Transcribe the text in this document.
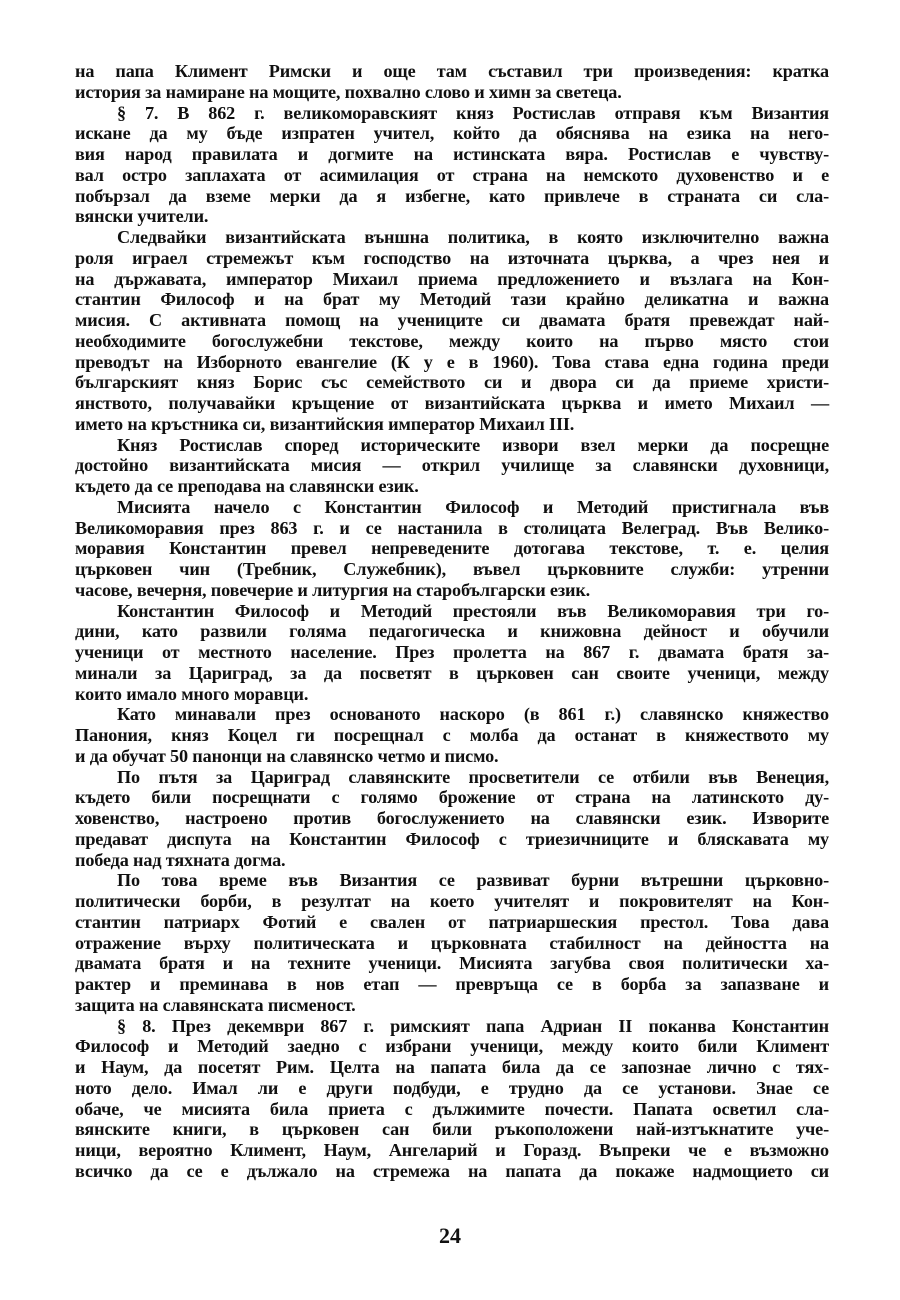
на папа Климент Римски и още там съставил три произведения: кратка
история за намиране на мощите, похвално слово и химн за светеца.
§ 7. В 862 г. великоморавският княз Ростислав отправя към Византия
искане да му бъде изпратен учител, който да обяснява на езика на него-
вия народ правилата и догмите на истинската вяра. Ростислав е чувству-
вал остро заплахата от асимилация от страна на немското духовенство и е
побързал да вземе мерки да я избегне, като привлече в страната си сла-
вянски учители.
Следвайки византийската външна политика, в която изключително важна
роля играел стремежът към господство на източната църква, а чрез нея и
на държавата, император Михаил приема предложението и възлага на Кон-
стантин Философ и на брат му Методий тази крайно деликатна и важна
мисия. С активната помощ на учениците си двамата братя превеждат най-
необходимите богослужебни текстове, между които на първо място стои
преводът на Изборното евангелие (К у е в 1960). Това става една година преди
българският княз Борис със семейството си и двора си да приеме христи-
янството, получавайки кръщение от византийската църква и името Михаил —
името на кръстника си, византийския император Михаил III.
Княз Ростислав според историческите извори взел мерки да посрещне
достойно византийската мисия — открил училище за славянски духовници,
където да се преподава на славянски език.
Мисията начело с Константин Философ и Методий пристигнала във
Великоморавия през 863 г. и се настанила в столицата Велеград. Във Велико-
моравия Константин превел непреведените дотогава текстове, т. е. целия
църковен чин (Требник, Служебник), въвел църковните служби: утренни
часове, вечерня, повечерие и литургия на старобългарски език.
Константин Философ и Методий престояли във Великоморавия три го-
дини, като развили голяма педагогическа и книжовна дейност и обучили
ученици от местното население. През пролетта на 867 г. двамата братя за-
минали за Цариград, за да посветят в църковен сан своите ученици, между
които имало много моравци.
Като минавали през основаното наскоро (в 861 г.) славянско княжество
Панония, княз Коцел ги посрещнал с молба да останат в княжеството му
и да обучат 50 панонци на славянско четмо и писмо.
По пътя за Цариград славянските просветители се отбили във Венеция,
където били посрещнати с голямо брожение от страна на латинското ду-
ховенство, настроено против богослужението на славянски език. Изворите
предават диспута на Константин Философ с триезичниците и бляскавата му
победа над тяхната догма.
По това време във Византия се развиват бурни вътрешни църковно-
политически борби, в резултат на което учителят и покровителят на Кон-
стантин патриарх Фотий е свален от патриаршеския престол. Това дава
отражение върху политическата и църковната стабилност на дейността на
двамата братя и на техните ученици. Мисията загубва своя политически ха-
рактер и преминава в нов етап — превръща се в борба за запазване и
защита на славянската писменост.
§ 8. През декември 867 г. римският папа Адриан II поканва Константин
Философ и Методий заедно с избрани ученици, между които били Климент
и Наум, да посетят Рим. Целта на папата била да се запознае лично с тях-
ното дело. Имал ли е други подбуди, е трудно да се установи. Знае се
обаче, че мисията била приета с дължимите почести. Папата осветил сла-
вянските книги, в църковен сан били ръкоположени най-изтъкнатите уче-
ници, вероятно Климент, Наум, Ангеларий и Горазд. Въпреки че е възможно
всичко да се е дължало на стремежа на папата да покаже надмощието си
24
